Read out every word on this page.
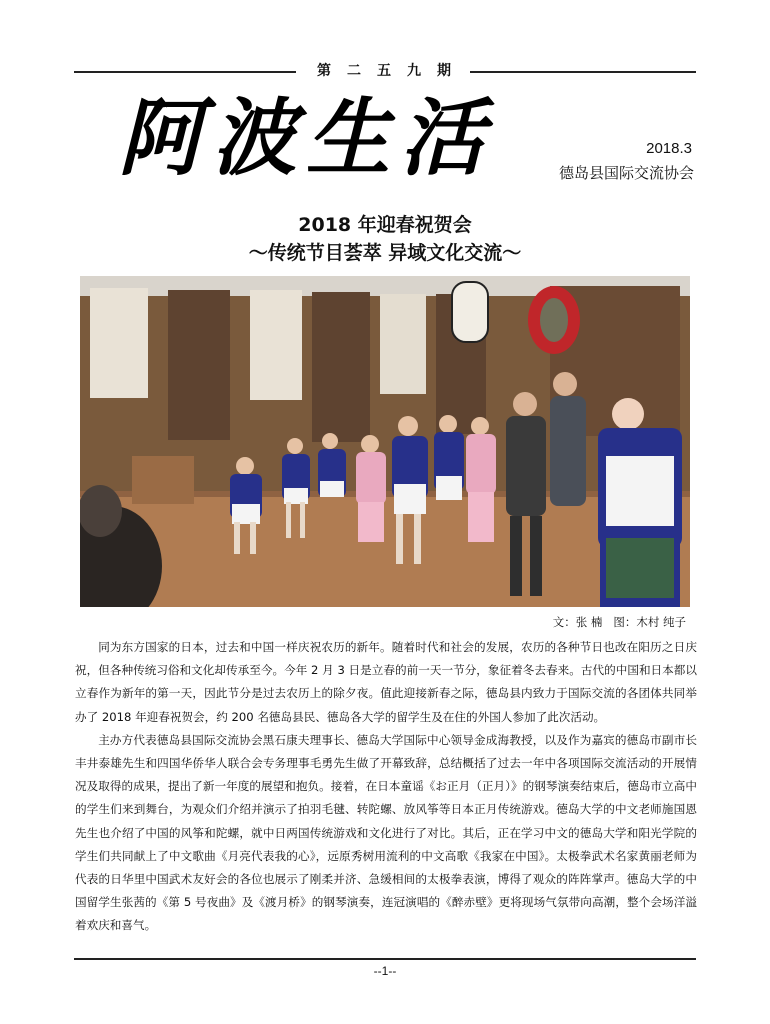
第二五九期
阿波生活	2018.3
德岛县国际交流协会
2018 年迎春祝贺会
～传统节目荟萃 异域文化交流～
文：张 楠   图：木村 纯子

同为东方国家的日本，过去和中国一样庆祝农历的新年。随着时代和社会的发展，农历的各种节日也改在阳历之日庆祝，但各种传统习俗和文化却传承至今。今年 2 月 3 日是立春的前一天一节分，象征着冬去春来。古代的中国和日本都以立春作为新年的第一天，因此节分是过去农历上的除夕夜。值此迎接新春之际，德岛县内致力于国际交流的各团体共同举办了 2018 年迎春祝贺会，约 200 名德岛县民、德岛各大学的留学生及在住的外国人参加了此次活动。

主办方代表德岛县国际交流协会黑石康夫理事长、德岛大学国际中心领导金成海教授，以及作为嘉宾的德岛市副市长丰井泰雄先生和四国华侨华人联合会专务理事毛勇先生做了开幕致辞，总结概括了过去一年中各项国际交流活动的开展情况及取得的成果，提出了新一年度的展望和抱负。接着，在日本童谣《お正月（正月）》的钢琴演奏结束后，德岛市立高中的学生们来到舞台，为观众们介绍并演示了拍羽毛毽、转陀螺、放风筝等日本正月传统游戏。德岛大学的中文老师施国恩先生也介绍了中国的风筝和陀螺，就中日两国传统游戏和文化进行了对比。其后，正在学习中文的德岛大学和阳光学院的学生们共同献上了中文歌曲《月亮代表我的心》，远原秀树用流利的中文高歌《我家在中国》。太极拳武术名家黄丽老师为代表的日华里中国武术友好会的各位也展示了刚柔并济、急缓相间的太极拳表演，博得了观众的阵阵掌声。德岛大学的中国留学生张茜的《第 5 号夜曲》及《渡月桥》的钢琴演奏，连冠演唱的《醉赤壁》更将现场气氛带向高潮，整个会场洋溢着欢庆和喜气。

--1--
